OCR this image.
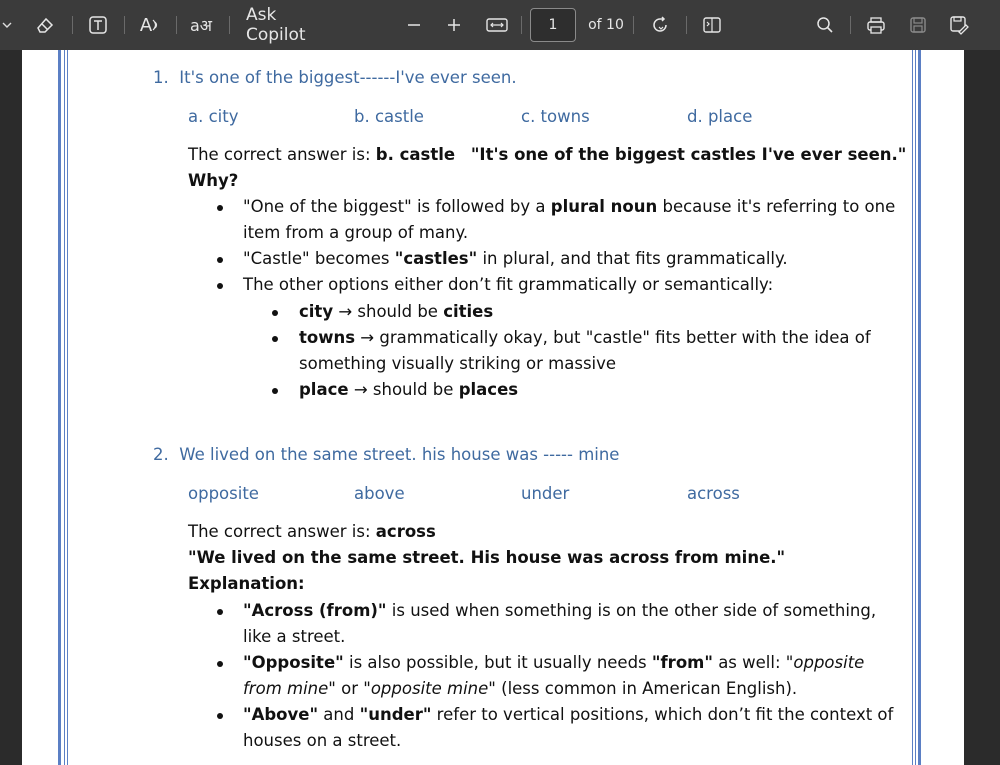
A aअ
Ask Copilot	1 of 10
1. It's one of the biggest------I've ever seen.
a. city	b. castle	c. towns	d. place
The correct answer is: b. castle "It's one of the biggest castles I've ever seen."
Why?
"One of the biggest" is followed by a plural noun because it's referring to one
item from a group of many.
"Castle" becomes "castles" in plural, and that fits grammatically.
The other options either don’t fit grammatically or semantically:
city → should be cities
towns → grammatically okay, but "castle" fits better with the idea of
something visually striking or massive
place → should be places
2. We lived on the same street. his house was ----- mine
opposite	above	under	across
The correct answer is: across
"We lived on the same street. His house was across from mine."
Explanation:
"Across (from)" is used when something is on the other side of something,
like a street.
"Opposite" is also possible, but it usually needs "from" as well: "opposite
from mine" or "opposite mine" (less common in American English).
"Above" and "under" refer to vertical positions, which don’t fit the context of
houses on a street.
